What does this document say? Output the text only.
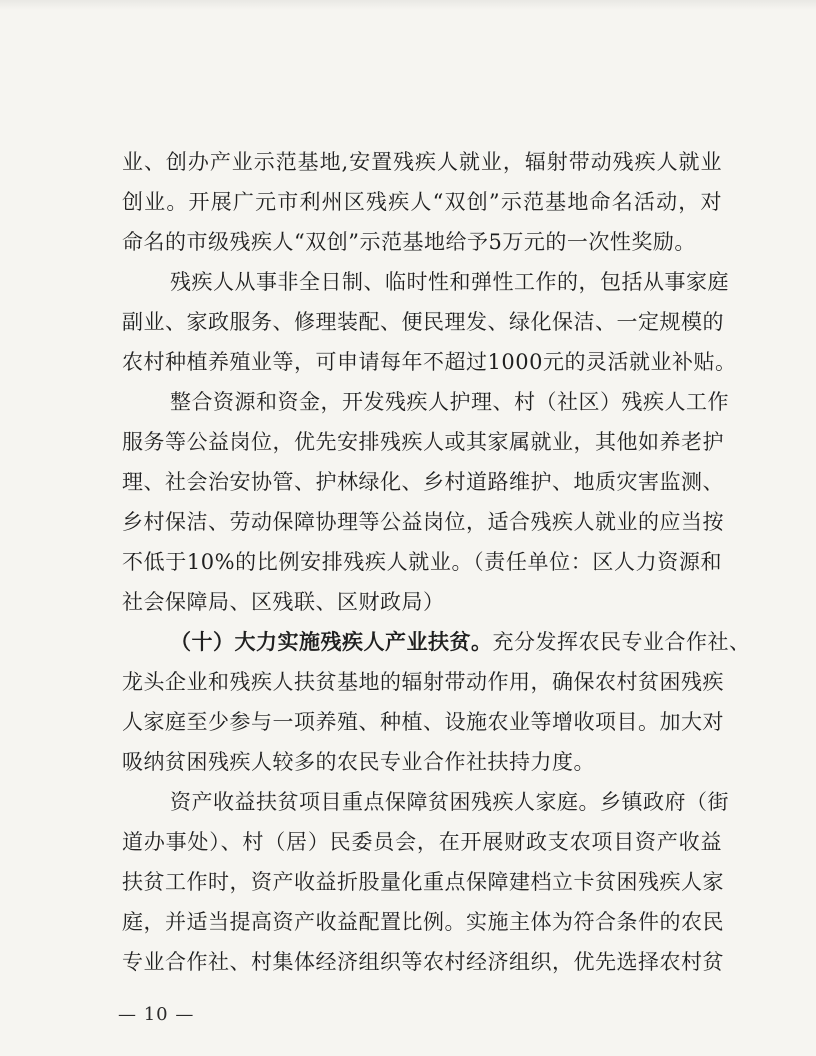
业、创办产业示范基地,安置残疾人就业，辐射带动残疾人就业
创业。开展广元市利州区残疾人“双创”示范基地命名活动，对
命名的市级残疾人“双创”示范基地给予5万元的一次性奖励。
残疾人从事非全日制、临时性和弹性工作的，包括从事家庭
副业、家政服务、修理装配、便民理发、绿化保洁、一定规模的
农村种植养殖业等，可申请每年不超过1000元的灵活就业补贴。
整合资源和资金，开发残疾人护理、村（社区）残疾人工作
服务等公益岗位，优先安排残疾人或其家属就业，其他如养老护
理、社会治安协管、护林绿化、乡村道路维护、地质灾害监测、
乡村保洁、劳动保障协理等公益岗位，适合残疾人就业的应当按
不低于10%的比例安排残疾人就业。（责任单位：区人力资源和
社会保障局、区残联、区财政局）
（十）大力实施残疾人产业扶贫。充分发挥农民专业合作社、
龙头企业和残疾人扶贫基地的辐射带动作用，确保农村贫困残疾
人家庭至少参与一项养殖、种植、设施农业等增收项目。加大对
吸纳贫困残疾人较多的农民专业合作社扶持力度。
资产收益扶贫项目重点保障贫困残疾人家庭。乡镇政府（街
道办事处）、村（居）民委员会，在开展财政支农项目资产收益
扶贫工作时，资产收益折股量化重点保障建档立卡贫困残疾人家
— 10 —
庭，并适当提高资产收益配置比例。实施主体为符合条件的农民
专业合作社、村集体经济组织等农村经济组织，优先选择农村贫
